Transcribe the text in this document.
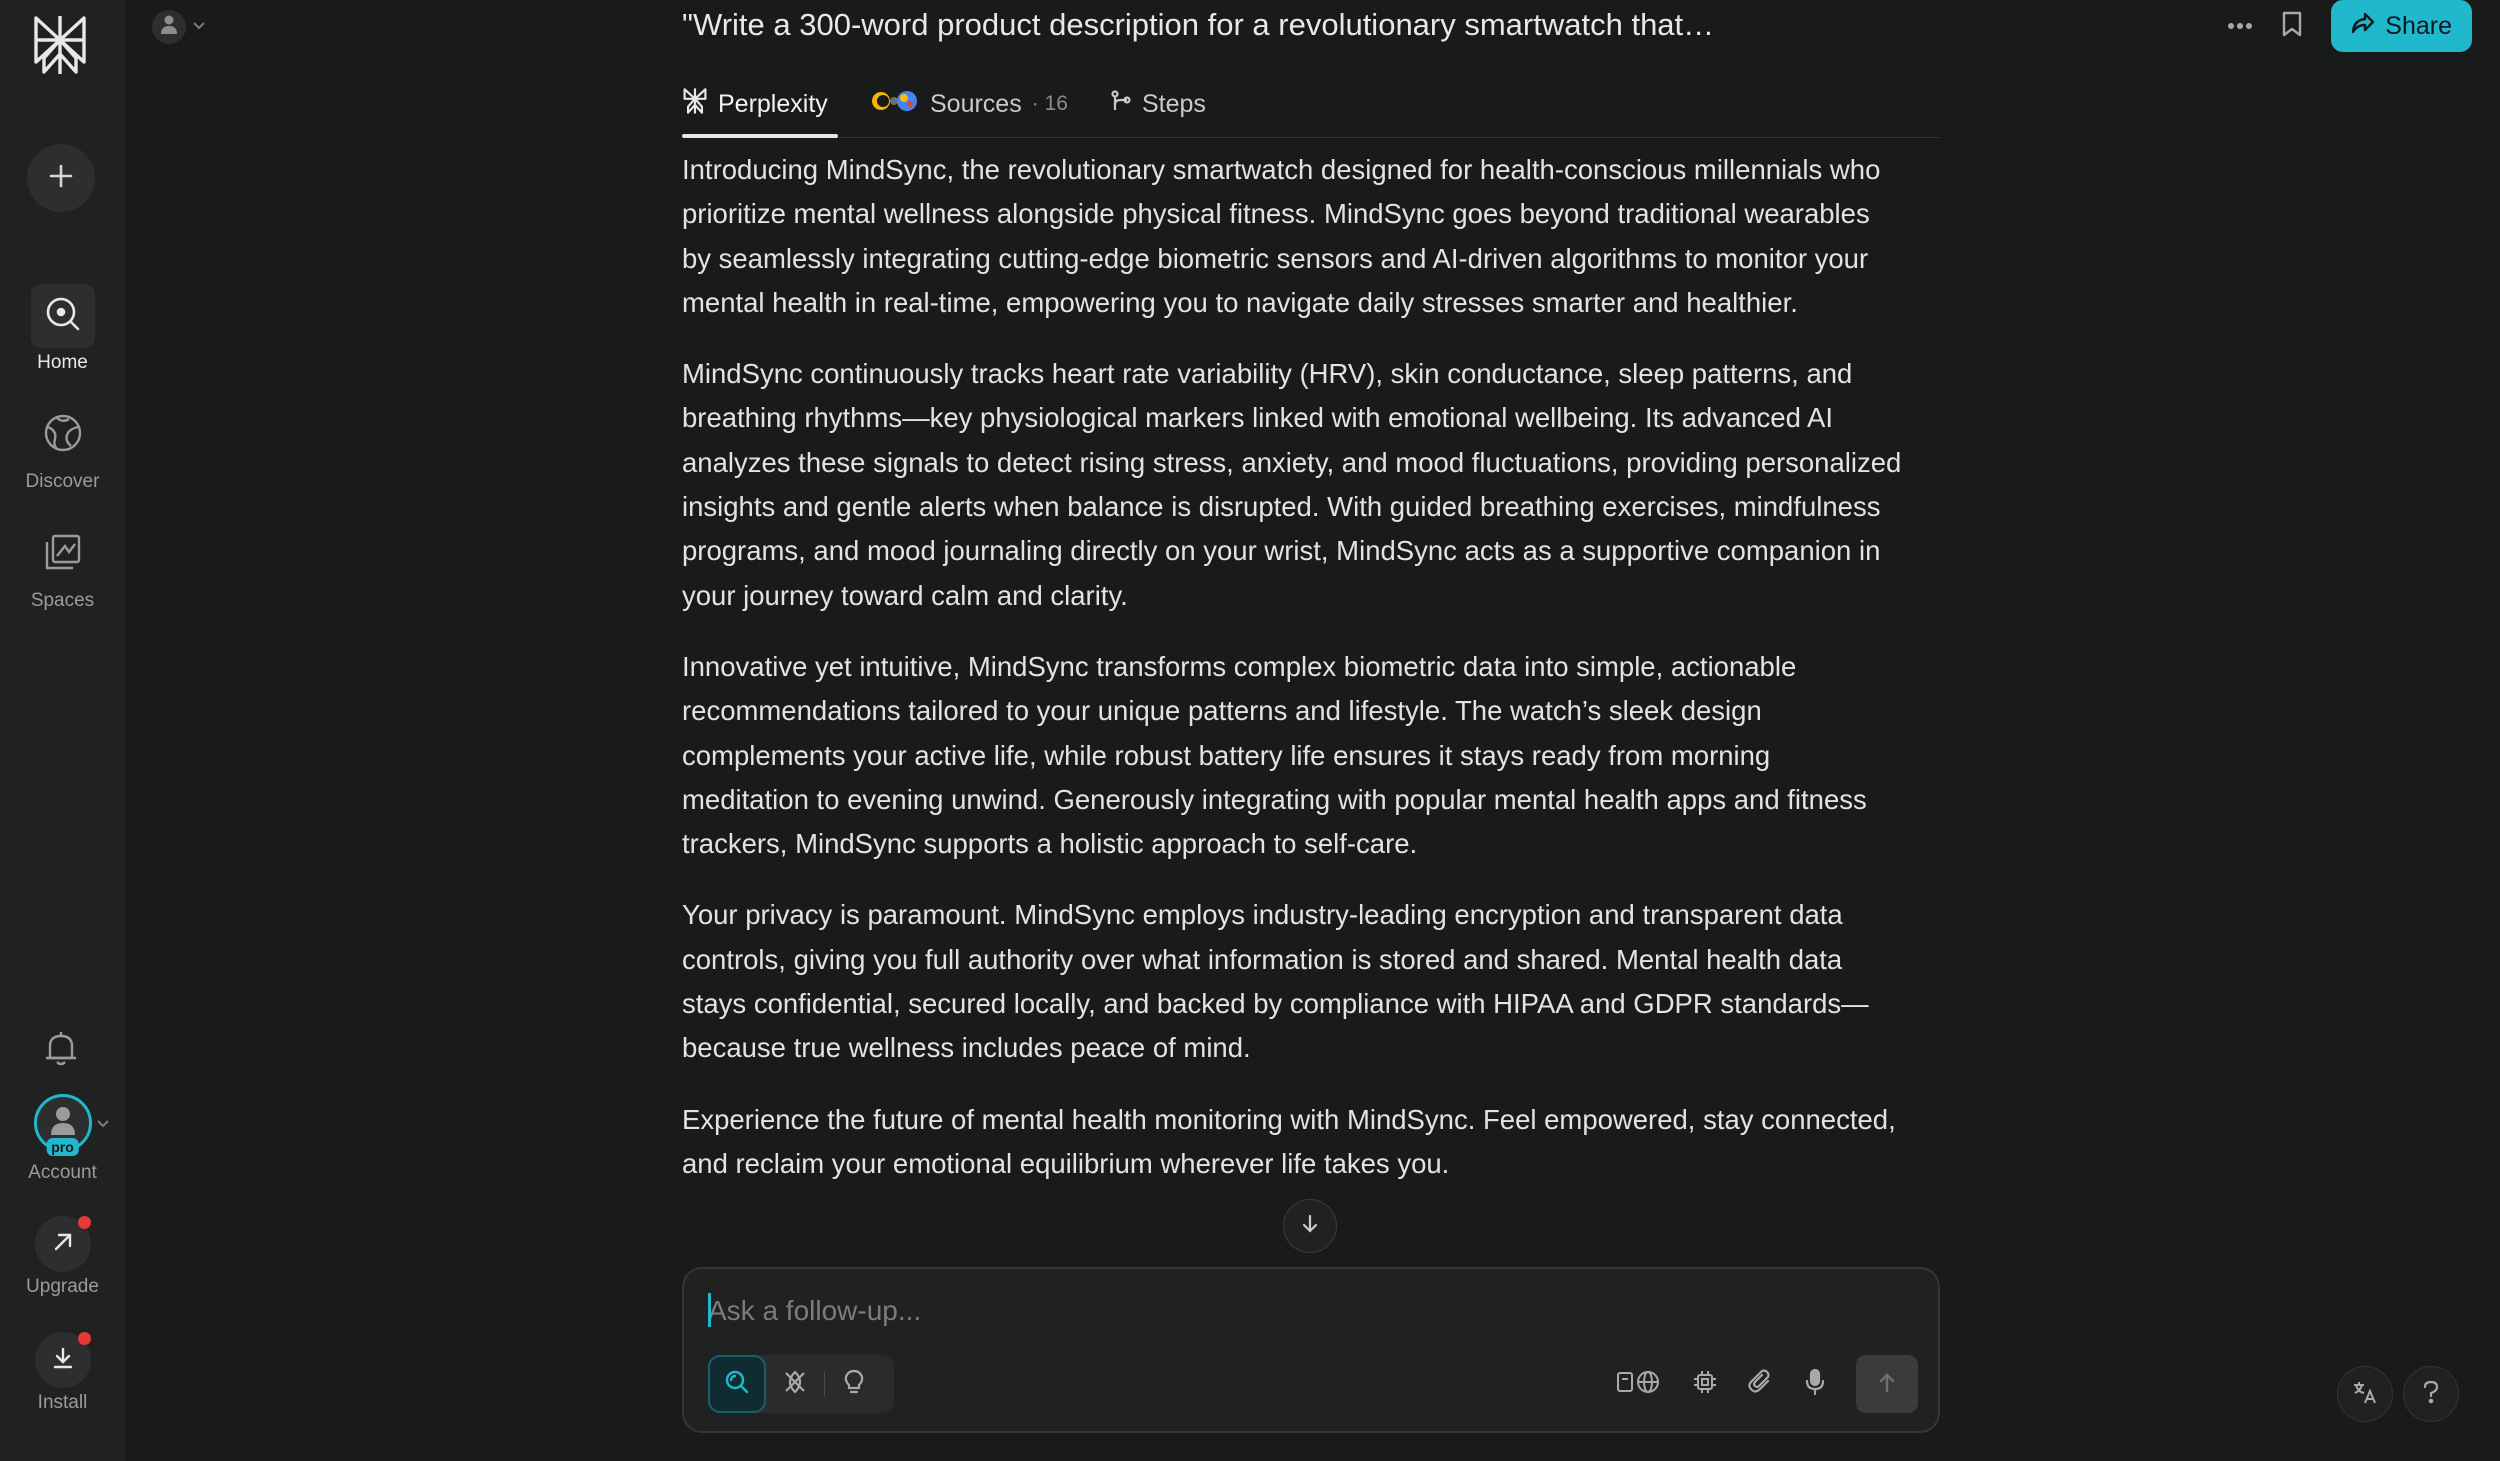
Home
Discover
Spaces
pro
Account
Upgrade
Install
"Write a 300-word product description for a revolutionary smartwatch that…	Share
Perplexity	Sources · 16	Steps

Introducing MindSync, the revolutionary smartwatch designed for health-conscious millennials who prioritize mental wellness alongside physical fitness. MindSync goes beyond traditional wearables by seamlessly integrating cutting-edge biometric sensors and AI-driven algorithms to monitor your mental health in real-time, empowering you to navigate daily stresses smarter and healthier.

MindSync continuously tracks heart rate variability (HRV), skin conductance, sleep patterns, and breathing rhythms—key physiological markers linked with emotional wellbeing. Its advanced AI analyzes these signals to detect rising stress, anxiety, and mood fluctuations, providing personalized insights and gentle alerts when balance is disrupted. With guided breathing exercises, mindfulness programs, and mood journaling directly on your wrist, MindSync acts as a supportive companion in your journey toward calm and clarity.

Innovative yet intuitive, MindSync transforms complex biometric data into simple, actionable recommendations tailored to your unique patterns and lifestyle. The watch’s sleek design complements your active life, while robust battery life ensures it stays ready from morning meditation to evening unwind. Generously integrating with popular mental health apps and fitness trackers, MindSync supports a holistic approach to self-care.

Your privacy is paramount. MindSync employs industry-leading encryption and transparent data controls, giving you full authority over what information is stored and shared. Mental health data stays confidential, secured locally, and backed by compliance with HIPAA and GDPR standards—because true wellness includes peace of mind.

Experience the future of mental health monitoring with MindSync. Feel empowered, stay connected, and reclaim your emotional equilibrium wherever life takes you.

Ask a follow-up...
